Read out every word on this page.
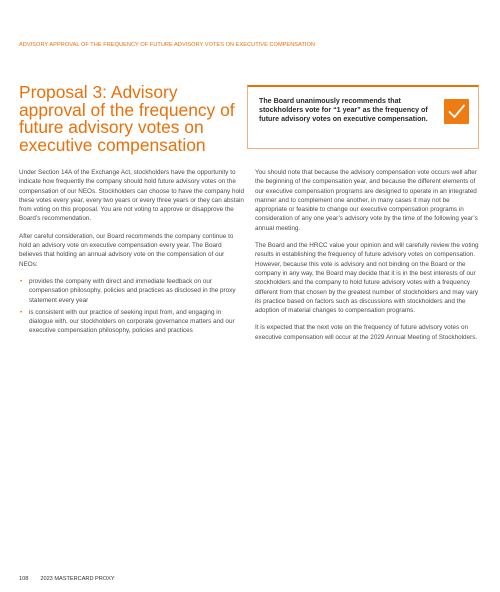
ADVISORY APPROVAL OF THE FREQUENCY OF FUTURE ADVISORY VOTES ON EXECUTIVE COMPENSATION
Proposal 3: Advisory approval of the frequency of future advisory votes on executive compensation
The Board unanimously recommends that stockholders vote for “1 year” as the frequency of future advisory votes on executive compensation.

Under Section 14A of the Exchange Act, stockholders have the opportunity to indicate how frequently the company should hold future advisory votes on the compensation of our NEOs. Stockholders can choose to have the company hold these votes every year, every two years or every three years or they can abstain from voting on this proposal. You are not voting to approve or disapprove the Board’s recommendation.

After careful consideration, our Board recommends the company continue to hold an advisory vote on executive compensation every year. The Board believes that holding an annual advisory vote on the compensation of our NEOs:

• provides the company with direct and immediate feedback on our compensation philosophy, policies and practices as disclosed in the proxy statement every year
• is consistent with our practice of seeking input from, and engaging in dialogue with, our stockholders on corporate governance matters and our executive compensation philosophy, policies and practices

You should note that because the advisory compensation vote occurs well after the beginning of the compensation year, and because the different elements of our executive compensation programs are designed to operate in an integrated manner and to complement one another, in many cases it may not be appropriate or feasible to change our executive compensation programs in consideration of any one year’s advisory vote by the time of the following year’s annual meeting.

The Board and the HRCC value your opinion and will carefully review the voting results in establishing the frequency of future advisory votes on compensation. However, because this vote is advisory and not binding on the Board or the company in any way, the Board may decide that it is in the best interests of our stockholders and the company to hold future advisory votes with a frequency different from that chosen by the greatest number of stockholders and may vary its practice based on factors such as discussions with stockholders and the adoption of material changes to compensation programs.

It is expected that the next vote on the frequency of future advisory votes on executive compensation will occur at the 2029 Annual Meeting of Stockholders.

108 2023 MASTERCARD PROXY
